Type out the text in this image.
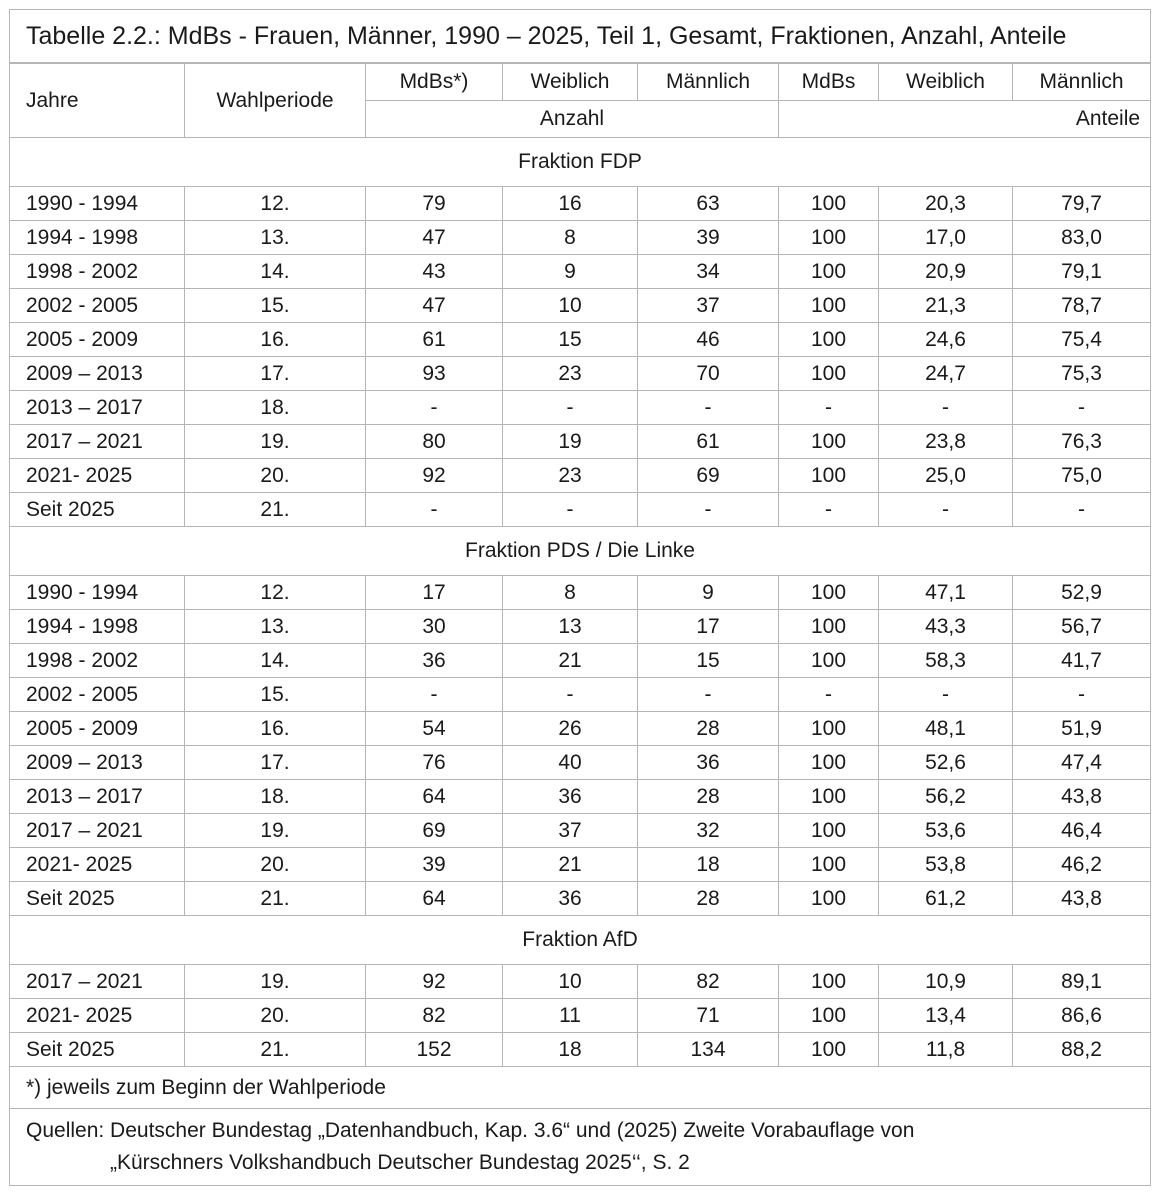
Tabelle 2.2.: MdBs - Frauen, Männer, 1990 – 2025, Teil 1, Gesamt, Fraktionen, Anzahl, Anteile							
Jahre	Wahlperiode	MdBs*)	Weiblich	Männlich	MdBs	Weiblich	Männlich
		Anzahl			Anteile		
Fraktion FDP							
1990 - 1994	12.	79	16	63	100	20,3	79,7
1994 - 1998	13.	47	8	39	100	17,0	83,0
1998 - 2002	14.	43	9	34	100	20,9	79,1
2002 - 2005	15.	47	10	37	100	21,3	78,7
2005 - 2009	16.	61	15	46	100	24,6	75,4
2009 – 2013	17.	93	23	70	100	24,7	75,3
2013 – 2017	18.	-	-	-	-	-	-
2017 – 2021	19.	80	19	61	100	23,8	76,3
2021- 2025	20.	92	23	69	100	25,0	75,0
Seit 2025	21.	-	-	-	-	-	-
Fraktion PDS / Die Linke							
1990 - 1994	12.	17	8	9	100	47,1	52,9
1994 - 1998	13.	30	13	17	100	43,3	56,7
1998 - 2002	14.	36	21	15	100	58,3	41,7
2002 - 2005	15.	-	-	-	-	-	-
2005 - 2009	16.	54	26	28	100	48,1	51,9
2009 – 2013	17.	76	40	36	100	52,6	47,4
2013 – 2017	18.	64	36	28	100	56,2	43,8
2017 – 2021	19.	69	37	32	100	53,6	46,4
2021- 2025	20.	39	21	18	100	53,8	46,2
Seit 2025	21.	64	36	28	100	61,2	43,8
Fraktion AfD							
2017 – 2021	19.	92	10	82	100	10,9	89,1
2021- 2025	20.	82	11	71	100	13,4	86,6
Seit 2025	21.	152	18	134	100	11,8	88,2
*) jeweils zum Beginn der Wahlperiode							

Quellen: Deutscher Bundestag „Datenhandbuch, Kap. 3.6“ und (2025) Zweite Vorabauflage von
„Kürschners Volkshandbuch Deutscher Bundestag 2025‘‘, S. 2							
